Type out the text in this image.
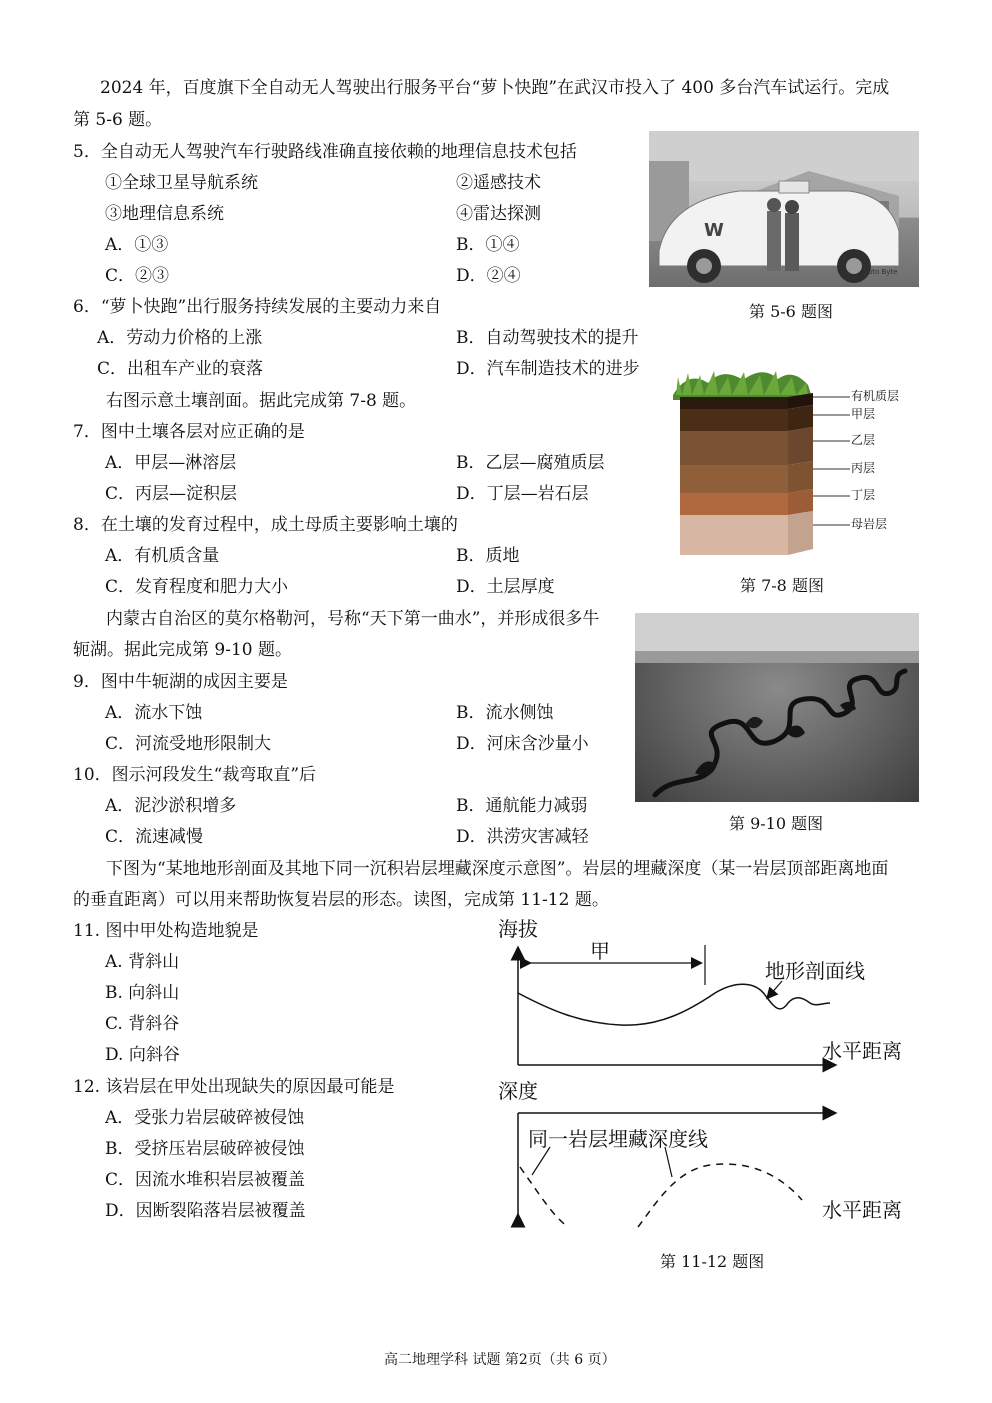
2024 年，百度旗下全自动无人驾驶出行服务平台“萝卜快跑”在武汉市投入了 400 多台汽车试运行。完成
第 5-6 题。
5．全自动无人驾驶汽车行驶路线准确直接依赖的地理信息技术包括
①全球卫星导航系统	②遥感技术
③地理信息系统	④雷达探测
A．①③	B．①④
C．②③	D．②④
W
Auto Byte
第 5-6 题图
6．“萝卜快跑”出行服务持续发展的主要动力来自
A．劳动力价格的上涨	B．自动驾驶技术的提升
C．出租车产业的衰落	D．汽车制造技术的进步
右图示意土壤剖面。据此完成第 7-8 题。
7．图中土壤各层对应正确的是
A．甲层—淋溶层	B．乙层—腐殖质层
C．丙层—淀积层	D．丁层—岩石层
8．在土壤的发育过程中，成土母质主要影响土壤的
A．有机质含量	B．质地
C．发育程度和肥力大小	D．土层厚度
有机质层
甲层
乙层
丙层
丁层
母岩层
第 7-8 题图
内蒙古自治区的莫尔格勒河，号称“天下第一曲水”，并形成很多牛
轭湖。据此完成第 9-10 题。
9．图中牛轭湖的成因主要是
A．流水下蚀	B．流水侧蚀
C．河流受地形限制大	D．河床含沙量小
10．图示河段发生“裁弯取直”后
A．泥沙淤积增多	B．通航能力减弱
C．流速减慢	D．洪涝灾害减轻
第 9-10 题图
下图为“某地地形剖面及其地下同一沉积岩层埋藏深度示意图”。岩层的埋藏深度（某一岩层顶部距离地面
的垂直距离）可以用来帮助恢复岩层的形态。读图，完成第 11-12 题。
11. 图中甲处构造地貌是
A. 背斜山
B. 向斜山
C. 背斜谷
D. 向斜谷
12. 该岩层在甲处出现缺失的原因最可能是
A．受张力岩层破碎被侵蚀
B．受挤压岩层破碎被侵蚀
C．因流水堆积岩层被覆盖
D．因断裂陷落岩层被覆盖
海拔
水平距离
甲
地形剖面线
深度
水平距离
同一岩层埋藏深度线
第 11-12 题图
高二地理学科 试题 第2页（共 6 页）
